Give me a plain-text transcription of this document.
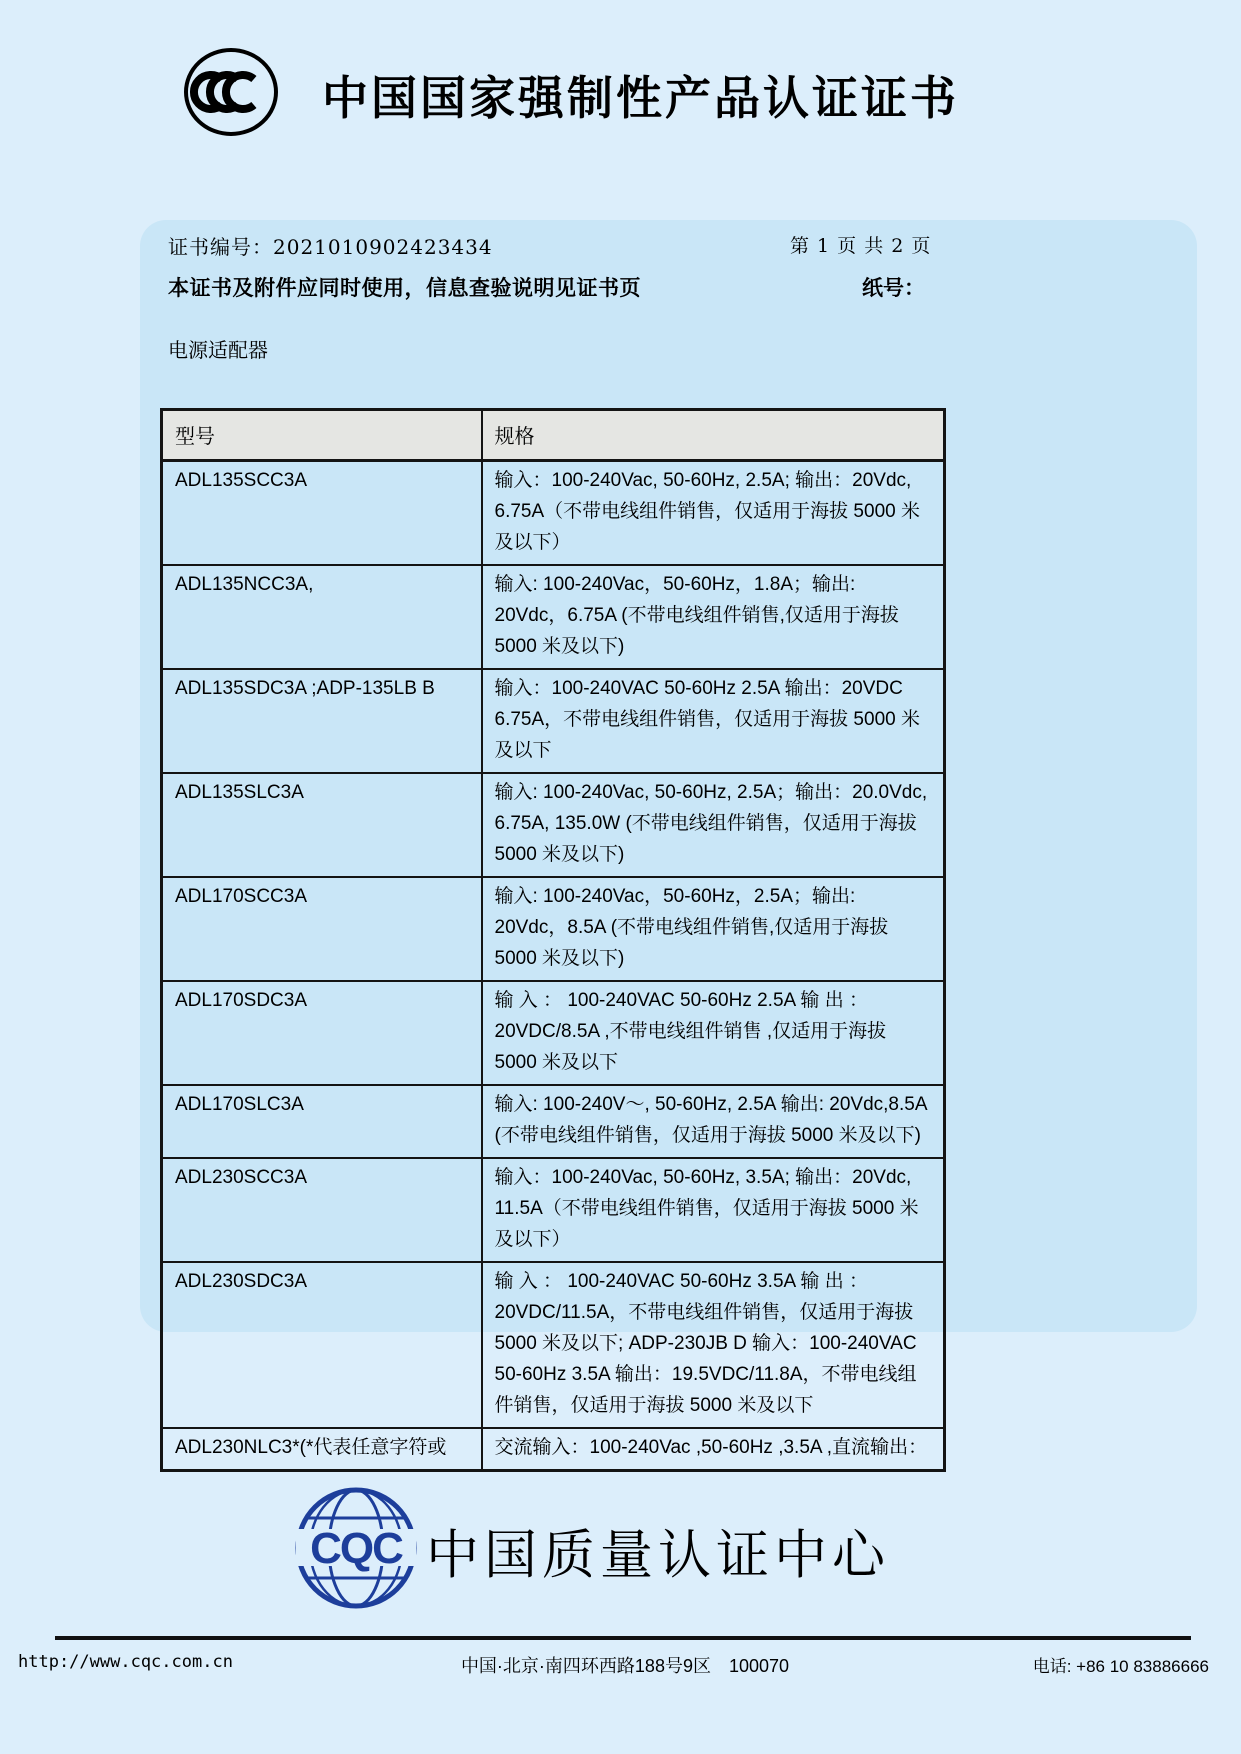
中国国家强制性产品认证证书
证书编号：2021010902423434	第 1 页 共 2 页
本证书及附件应同时使用，信息查验说明见证书页	纸号：
电源适配器
型号	规格
ADL135SCC3A	输入：100-240Vac, 50-60Hz, 2.5A; 输出：20Vdc, 6.75A（不带电线组件销售，仅适用于海拔 5000 米及以下）
ADL135NCC3A,	输入: 100-240Vac，50-60Hz，1.8A；输出: 20Vdc，6.75A (不带电线组件销售,仅适用于海拔 5000 米及以下)
ADL135SDC3A ;ADP-135LB B	输入：100-240VAC 50-60Hz 2.5A 输出：20VDC 6.75A，不带电线组件销售，仅适用于海拔 5000 米及以下
ADL135SLC3A	输入: 100-240Vac, 50-60Hz, 2.5A；输出：20.0Vdc, 6.75A, 135.0W (不带电线组件销售，仅适用于海拔 5000 米及以下)
ADL170SCC3A	输入: 100-240Vac，50-60Hz，2.5A；输出: 20Vdc，8.5A (不带电线组件销售,仅适用于海拔 5000 米及以下)
ADL170SDC3A	输 入 ： 100-240VAC 50-60Hz 2.5A 输 出 ： 20VDC/8.5A ,不带电线组件销售 ,仅适用于海拔 5000 米及以下
ADL170SLC3A	输入: 100-240V～, 50-60Hz, 2.5A 输出: 20Vdc,8.5A (不带电线组件销售，仅适用于海拔 5000 米及以下)
ADL230SCC3A	输入：100-240Vac, 50-60Hz, 3.5A; 输出：20Vdc, 11.5A（不带电线组件销售，仅适用于海拔 5000 米及以下）
ADL230SDC3A	输 入 ： 100-240VAC 50-60Hz 3.5A 输 出 ： 20VDC/11.5A，不带电线组件销售，仅适用于海拔 5000 米及以下; ADP-230JB D 输入：100-240VAC 50-60Hz 3.5A 输出：19.5VDC/11.8A，不带电线组件销售，仅适用于海拔 5000 米及以下
ADL230NLC3*(*代表任意字符或	交流输入：100-240Vac ,50-60Hz ,3.5A ,直流输出：
CQC 中国质量认证中心
http://www.cqc.com.cn	中国·北京·南四环西路188号9区　100070	电话: +86 10 83886666
